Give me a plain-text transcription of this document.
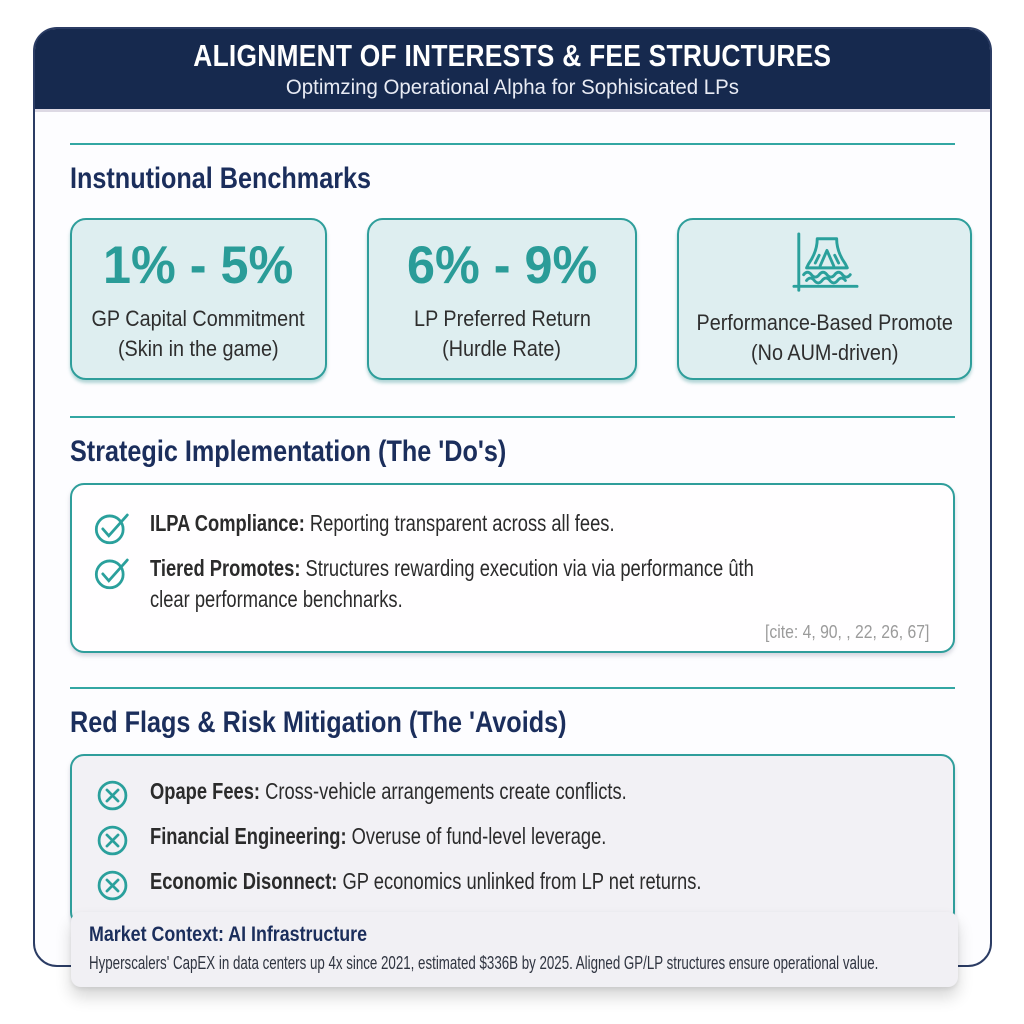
ALIGNMENT OF INTERESTS & FEE STRUCTURES
Optimzing Operational Alpha for Sophisicated LPs
Instnutional Benchmarks
1% - 5%
GP Capital Commitment
(Skin in the game)
6% - 9%
LP Preferred Return
(Hurdle Rate)
Performance-Based Promote
(No AUM-driven)
Strategic Implementation (The 'Do's)
ILPA Compliance: Reporting transparent across all fees.
Tiered Promotes: Structures rewarding execution via via performance ûth clear performance benchnarks.
[cite: 4, 90, , 22, 26, 67]
Red Flags & Risk Mitigation (The 'Avoids)
Opape Fees: Cross-vehicle arrangements create conflicts.
Financial Engineering: Overuse of fund-level leverage.
Economic Disonnect: GP economics unlinked from LP net returns.
Market Context: AI Infrastructure

Hyperscalers' CapEX in data centers up 4x since 2021, estimated $336B by 2025. Aligned GP/LP structures ensure operational value.
